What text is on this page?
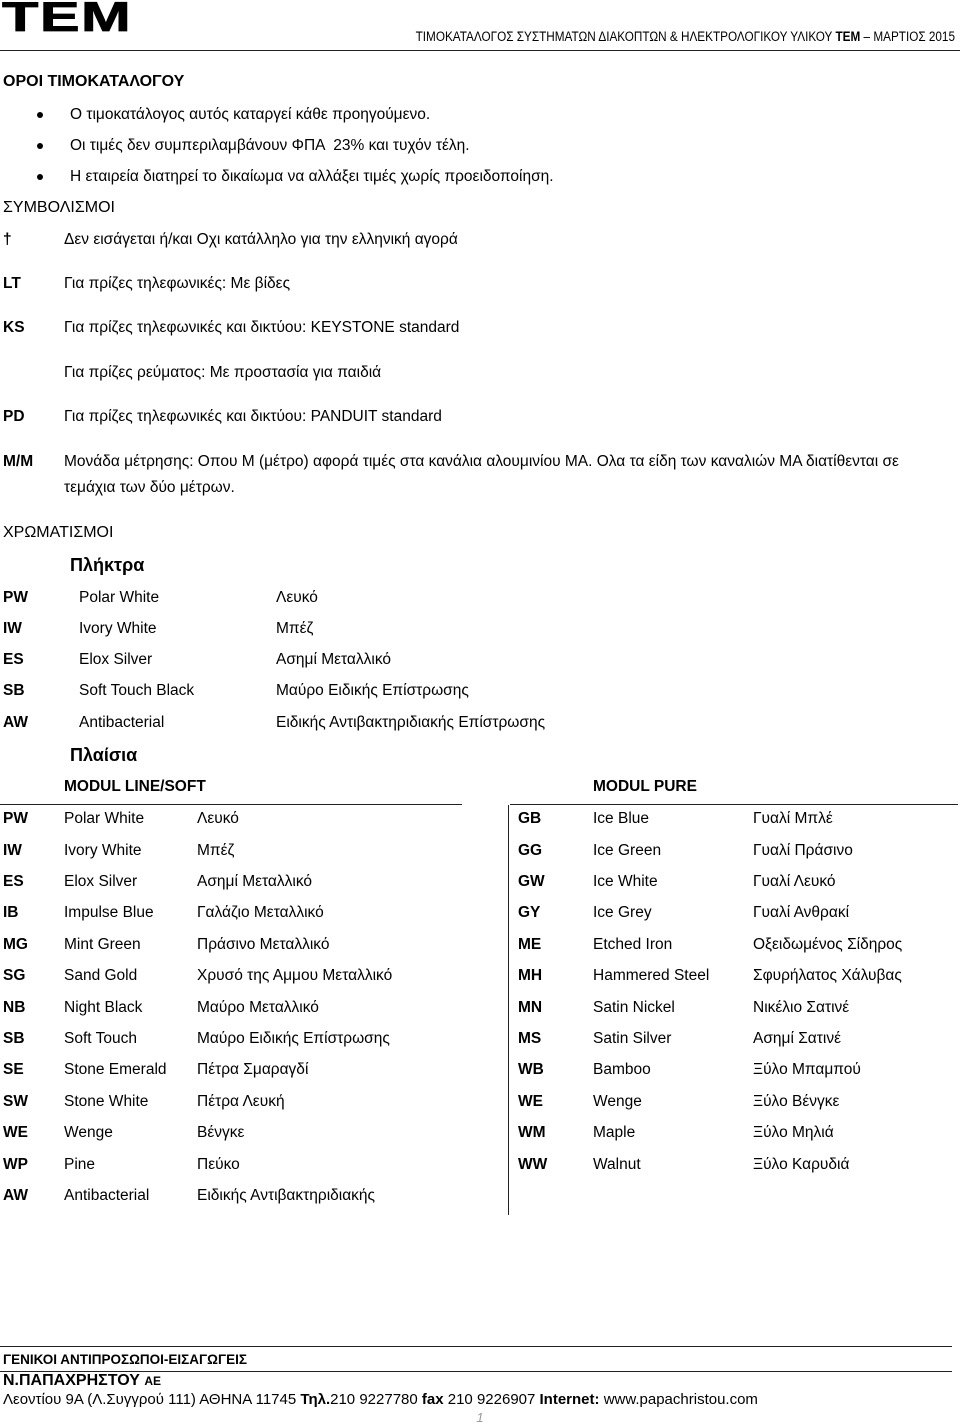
TEM	ΤΙΜΟΚΑΤΑΛΟΓΟΣ ΣΥΣΤΗΜΑΤΩΝ ΔΙΑΚΟΠΤΩΝ & ΗΛΕΚΤΡΟΛΟΓΙΚΟΥ ΥΛΙΚΟΥ ΤΕΜ – ΜΑΡΤΙΟΣ 2015
ΟΡΟΙ ΤΙΜΟΚΑΤΑΛΟΓΟΥ
Ο τιμοκατάλογος αυτός καταργεί κάθε προηγούμενο.
Οι τιμές δεν συμπεριλαμβάνουν ΦΠΑ  23% και τυχόν τέλη.
Η εταιρεία διατηρεί το δικαίωμα να αλλάξει τιμές χωρίς προειδοποίηση.
ΣΥΜΒΟΛΙΣΜΟΙ
†	Δεν εισάγεται ή/και Οχι κατάλληλο για την ελληνική αγορά
LT	Για πρίζες τηλεφωνικές: Με βίδες
KS	Για πρίζες τηλεφωνικές και δικτύου: KEYSTONE standard
Για πρίζες ρεύματος: Με προστασία για παιδιά
PD	Για πρίζες τηλεφωνικές και δικτύου: PANDUIT standard
M/M Μονάδα μέτρησης: Οπου Μ (μέτρο) αφορά τιμές στα κανάλια αλουμινίου ΜΑ. Ολα τα είδη των καναλιών ΜΑ διατίθενται σε τεμάχια των δύο μέτρων.
ΧΡΩΜΑΤΙΣΜΟΙ
Πλήκτρα
PW	Polar White	Λευκό
IW	Ivory White	Μπέζ
ES	Elox Silver	Ασημί Μεταλλικό
SB	Soft Touch Black	Μαύρο Ειδικής Επίστρωσης
AW	Antibacterial	Ειδικής Αντιβακτηριδιακής Επίστρωσης
Πλαίσια
MODUL LINE/SOFT	MODUL PURE
PW Polar White	Λευκό
IW	Ivory White	Μπέζ
ES	Elox Silver	Ασημί Μεταλλικό
IB	Impulse Blue	Γαλάζιο Μεταλλικό
MG Mint Green	Πράσινο Μεταλλικό
SG Sand Gold	Χρυσό της Αμμου Μεταλλικό
NB Night Black	Μαύρο Μεταλλικό
SB	Soft Touch	Μαύρο Ειδικής Επίστρωσης
SE	Stone Emerald Πέτρα Σμαραγδί
SW Stone White	Πέτρα Λευκή
WE Wenge	Βένγκε
WP Pine	Πεύκο
AW Antibacterial	Ειδικής Αντιβακτηριδιακής
GB	Ice Blue	Γυαλί Μπλέ
GG	Ice Green	Γυαλί Πράσινο
GW	Ice White	Γυαλί Λευκό
GY	Ice Grey	Γυαλί Ανθρακί
ME	Etched Iron	Οξειδωμένος Σίδηρος
MH	Hammered Steel	Σφυρήλατος Χάλυβας
MN	Satin Nickel	Νικέλιο Σατινέ
MS	Satin Silver	Ασημί Σατινέ
WB	Bamboo	Ξύλο Μπαμπού
WE	Wenge	Ξύλο Βένγκε
WM	Maple	Ξύλο Μηλιά
WW	Walnut	Ξύλο Καρυδιά
ΓΕΝΙΚΟΙ ΑΝΤΙΠΡΟΣΩΠΟΙ-ΕΙΣΑΓΩΓΕΙΣ
Ν.ΠΑΠΑΧΡΗΣΤΟΥ ΑΕ
Λεοντίου 9Α (Λ.Συγγρού 111) ΑΘΗΝΑ 11745 Τηλ.210 9227780 fax 210 9226907 Internet: www.papachristou.com
1
